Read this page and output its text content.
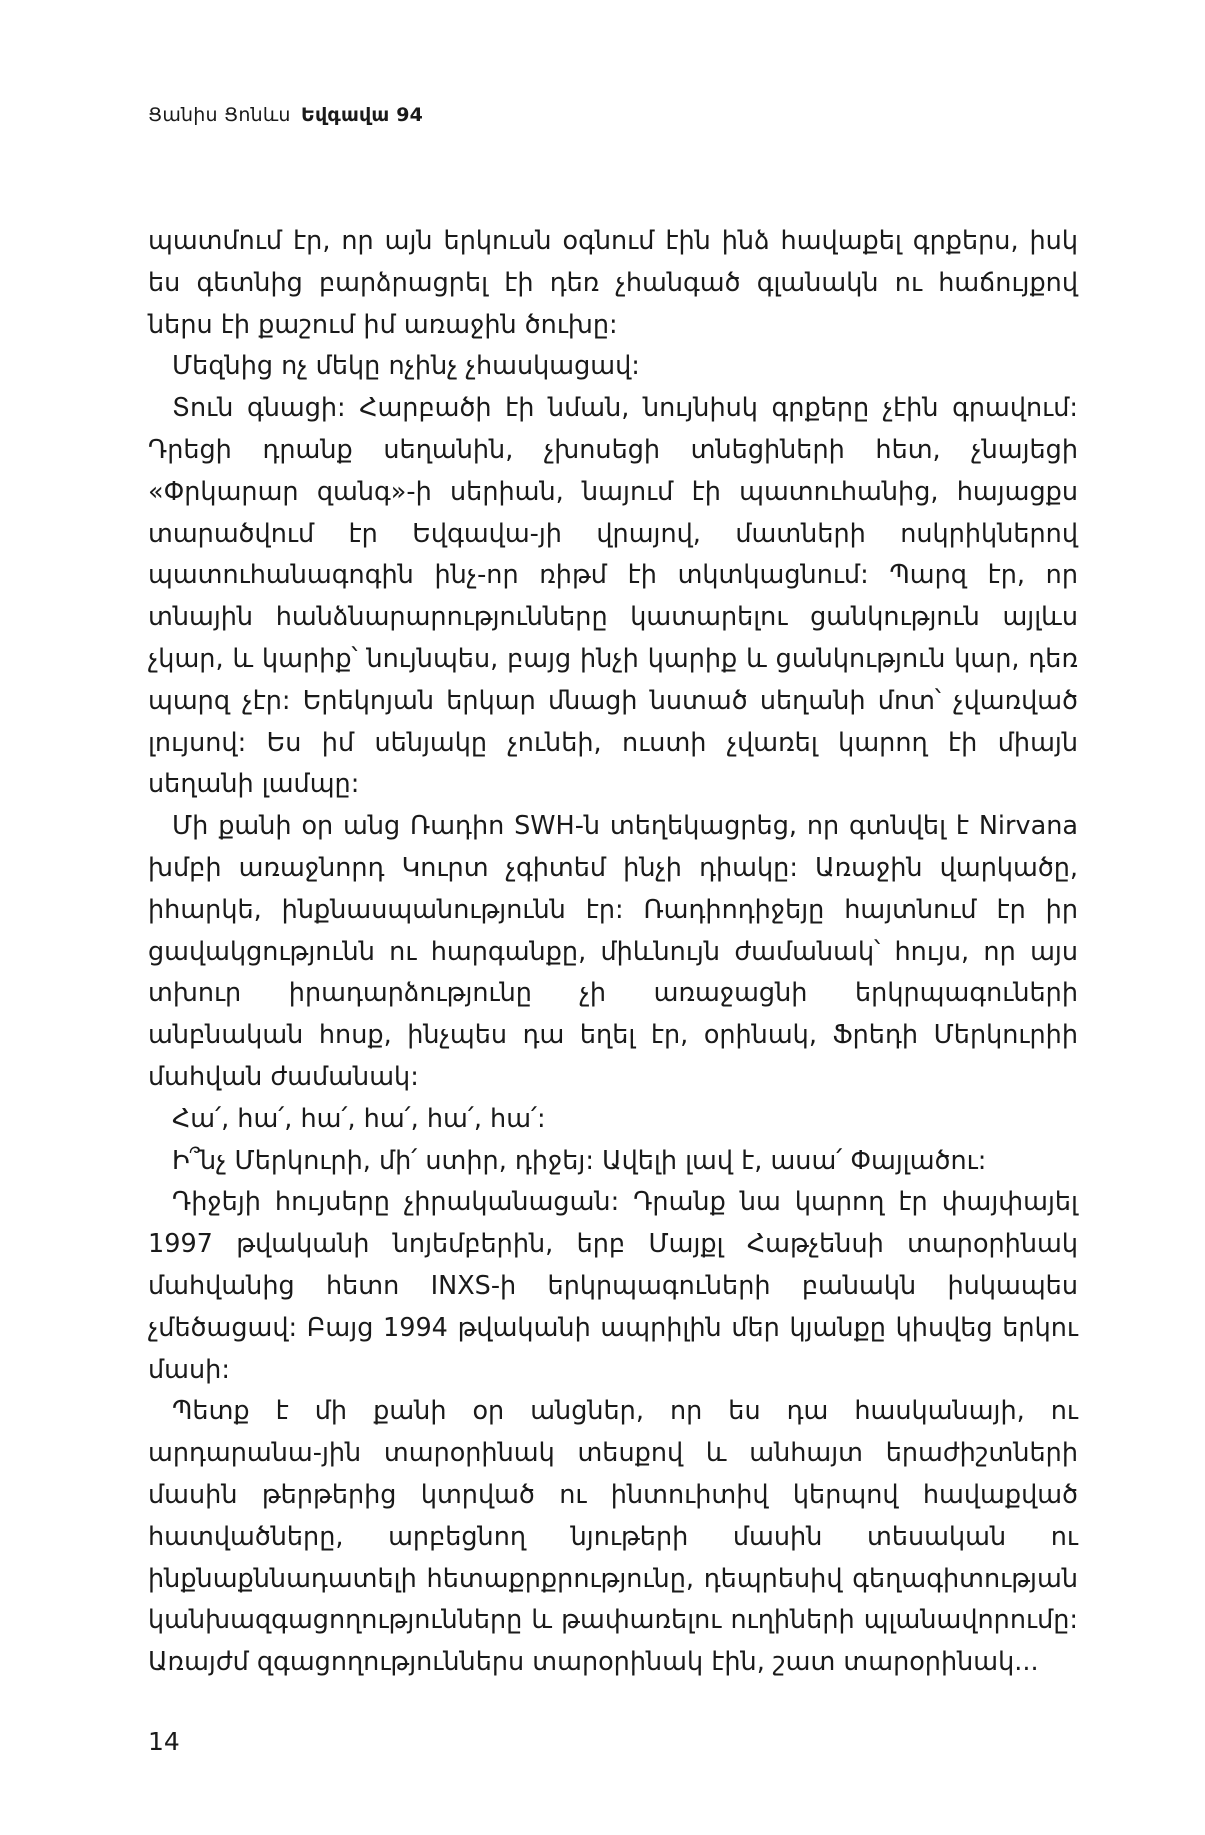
Ցանիս Ցոնևս Եվգավա 94

պատմում էր, որ այն երկուսն օգնում էին ինձ հավաքել գրքերս, իսկ ես գետնից բարձրացրել էի դեռ չհանգած գլանակն ու հաճույքով ներս էի քաշում իմ առաջին ծուխը:

Մեզնից ոչ մեկը ոչինչ չհասկացավ:

Տուն գնացի: Հարբածի էի նման, նույնիսկ գրքերը չէին գրավում: Դրեցի դրանք սեղանին, չխոսեցի տնեցիների հետ, չնայեցի «Փրկարար զանգ»-ի սերիան, նայում էի պատուհանից, հայացքս տարածվում էր Եվգավա-յի վրայով, մատների ոսկրիկներով պատուհանագոգին ինչ-որ ռիթմ էի տկտկացնում: Պարզ էր, որ տնային հանձնարարությունները կատարելու ցանկություն այլևս չկար, և կարիք՝ նույնպես, բայց ինչի կարիք և ցանկություն կար, դեռ պարզ չէր: Երեկոյան երկար մնացի նստած սեղանի մոտ՝ չվառված լույսով: Ես իմ սենյակը չունեի, ուստի չվառել կարող էի միայն սեղանի լամպը:

Մի քանի օր անց Ռադիո SWH-ն տեղեկացրեց, որ գտնվել է Nirvana խմբի առաջնորդ Կուրտ չգիտեմ ինչի դիակը: Առաջին վարկածը, իհարկե, ինքնասպանությունն էր: Ռադիոդիջեյը հայտնում էր իր ցավակցությունն ու հարգանքը, միևնույն ժամանակ՝ հույս, որ այս տխուր իրադարձությունը չի առաջացնի երկրպագուների անբնական հոսք, ինչպես դա եղել էր, օրինակ, Ֆրեդի Մերկուրիի մահվան ժամանակ:

Հա՛, հա՛, հա՛, հա՛, հա՛, հա՛:

Ի՞նչ Մերկուրի, մի՛ ստիր, դիջեյ: Ավելի լավ է, ասա՛ Փայլածու:

Դիջեյի հույսերը չիրականացան: Դրանք նա կարող էր փայփայել 1997 թվականի նոյեմբերին, երբ Մայքլ Հաթչենսի տարօրինակ մահվանից հետո INXS-ի երկրպագուների բանակն իսկապես չմեծացավ: Բայց 1994 թվականի ապրիլին մեր կյանքը կիսվեց երկու մասի:

Պետք է մի քանի օր անցներ, որ ես դա հասկանայի, ու արդարանա-յին տարօրինակ տեսքով և անհայտ երաժիշտների մասին թերթերից կտրված ու ինտուիտիվ կերպով հավաքված հատվածները, արբեցնող նյութերի մասին տեսական ու ինքնաքննադատելի հետաքրքրությունը, դեպրեսիվ գեղագիտության կանխազգացողությունները և թափառելու ուղիների պլանավորումը: Առայժմ զգացողություններս տարօրինակ էին, շատ տարօրինակ...

14
